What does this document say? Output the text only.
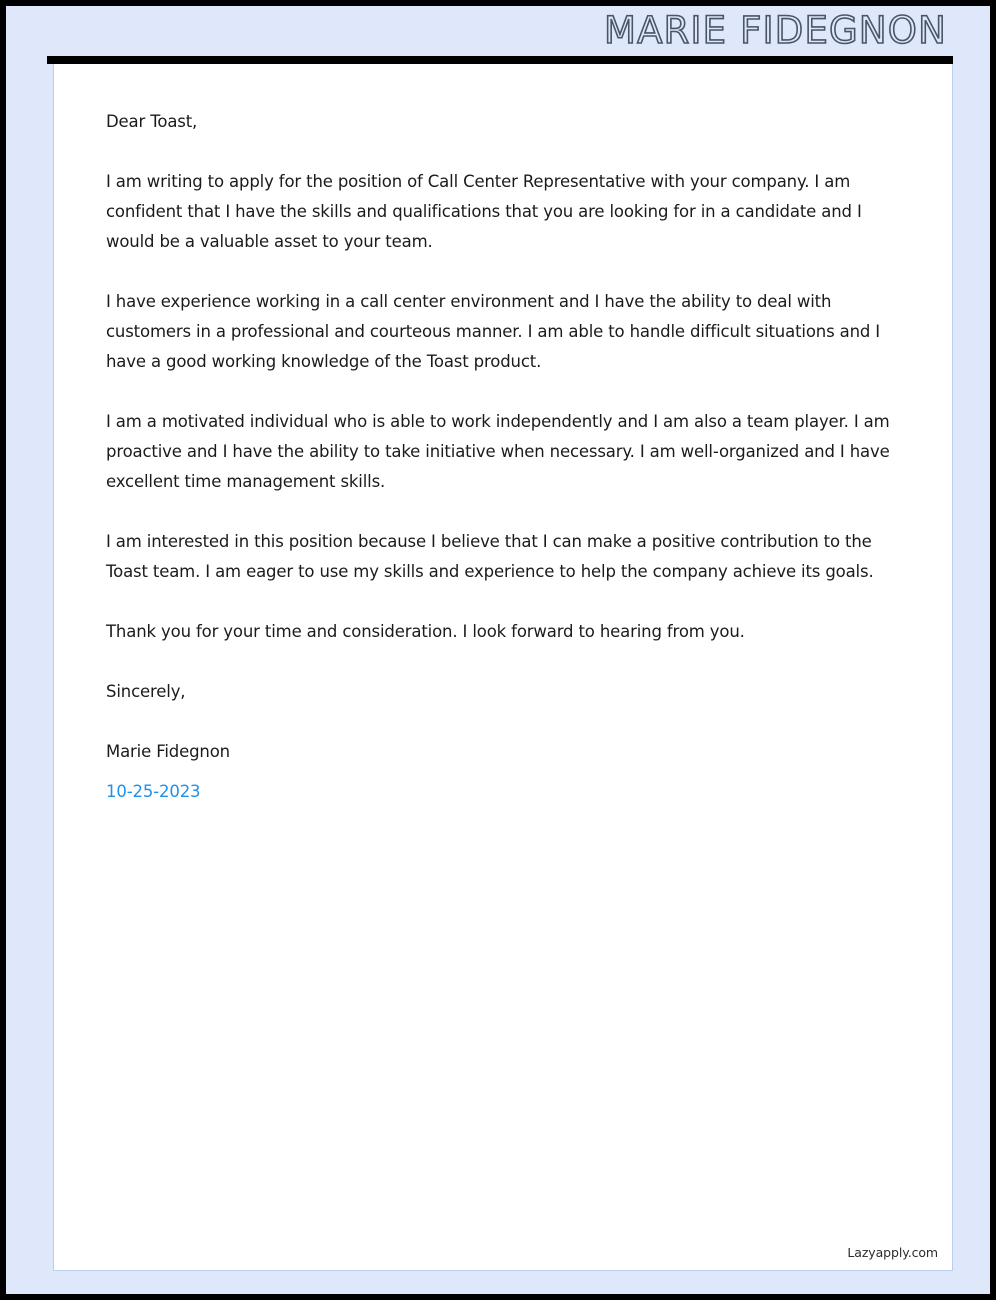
MARIE FIDEGNON

Dear Toast,

I am writing to apply for the position of Call Center Representative with your company. I am confident that I have the skills and qualifications that you are looking for in a candidate and I would be a valuable asset to your team.

I have experience working in a call center environment and I have the ability to deal with customers in a professional and courteous manner. I am able to handle difficult situations and I have a good working knowledge of the Toast product.

I am a motivated individual who is able to work independently and I am also a team player. I am proactive and I have the ability to take initiative when necessary. I am well-organized and I have excellent time management skills.

I am interested in this position because I believe that I can make a positive contribution to the Toast team. I am eager to use my skills and experience to help the company achieve its goals.

Thank you for your time and consideration. I look forward to hearing from you.

Sincerely,

Marie Fidegnon

10-25-2023

Lazyapply.com
